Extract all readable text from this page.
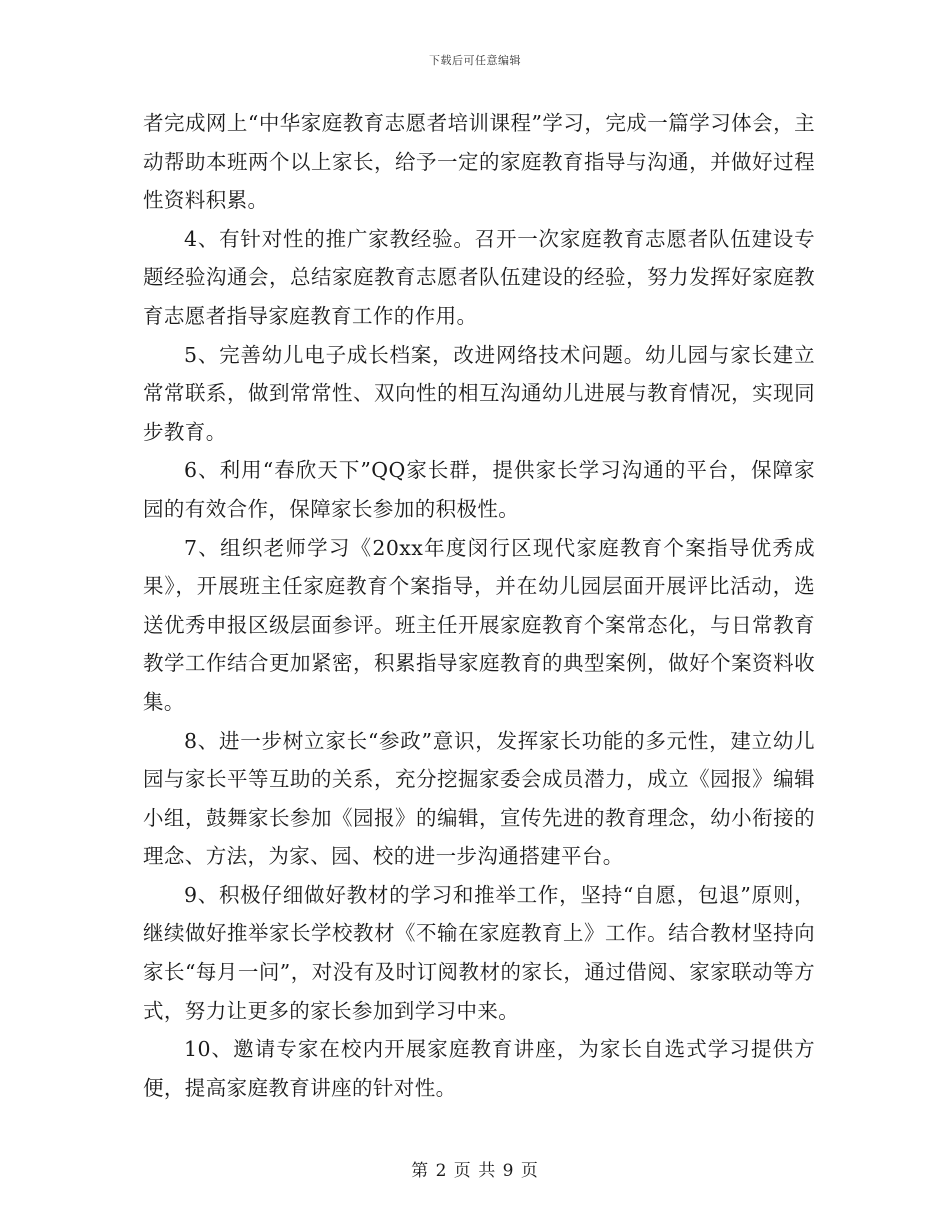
下载后可任意编辑

者完成网上“中华家庭教育志愿者培训课程”学习，完成一篇学习体会，主动帮助本班两个以上家长，给予一定的家庭教育指导与沟通，并做好过程性资料积累。

4、有针对性的推广家教经验。召开一次家庭教育志愿者队伍建设专题经验沟通会，总结家庭教育志愿者队伍建设的经验，努力发挥好家庭教育志愿者指导家庭教育工作的作用。

5、完善幼儿电子成长档案，改进网络技术问题。幼儿园与家长建立常常联系，做到常常性、双向性的相互沟通幼儿进展与教育情况，实现同步教育。

6、利用“春欣天下”QQ家长群，提供家长学习沟通的平台，保障家园的有效合作，保障家长参加的积极性。

7、组织老师学习《20xx年度闵行区现代家庭教育个案指导优秀成果》，开展班主任家庭教育个案指导，并在幼儿园层面开展评比活动，选送优秀申报区级层面参评。班主任开展家庭教育个案常态化，与日常教育教学工作结合更加紧密，积累指导家庭教育的典型案例，做好个案资料收集。

8、进一步树立家长“参政”意识，发挥家长功能的多元性，建立幼儿园与家长平等互助的关系，充分挖掘家委会成员潜力，成立《园报》编辑小组，鼓舞家长参加《园报》的编辑，宣传先进的教育理念，幼小衔接的理念、方法，为家、园、校的进一步沟通搭建平台。

9、积极仔细做好教材的学习和推举工作，坚持“自愿，包退”原则，继续做好推举家长学校教材《不输在家庭教育上》工作。结合教材坚持向家长“每月一问”，对没有及时订阅教材的家长，通过借阅、家家联动等方式，努力让更多的家长参加到学习中来。

10、邀请专家在校内开展家庭教育讲座，为家长自选式学习提供方便，提高家庭教育讲座的针对性。

第 2 页 共 9 页
